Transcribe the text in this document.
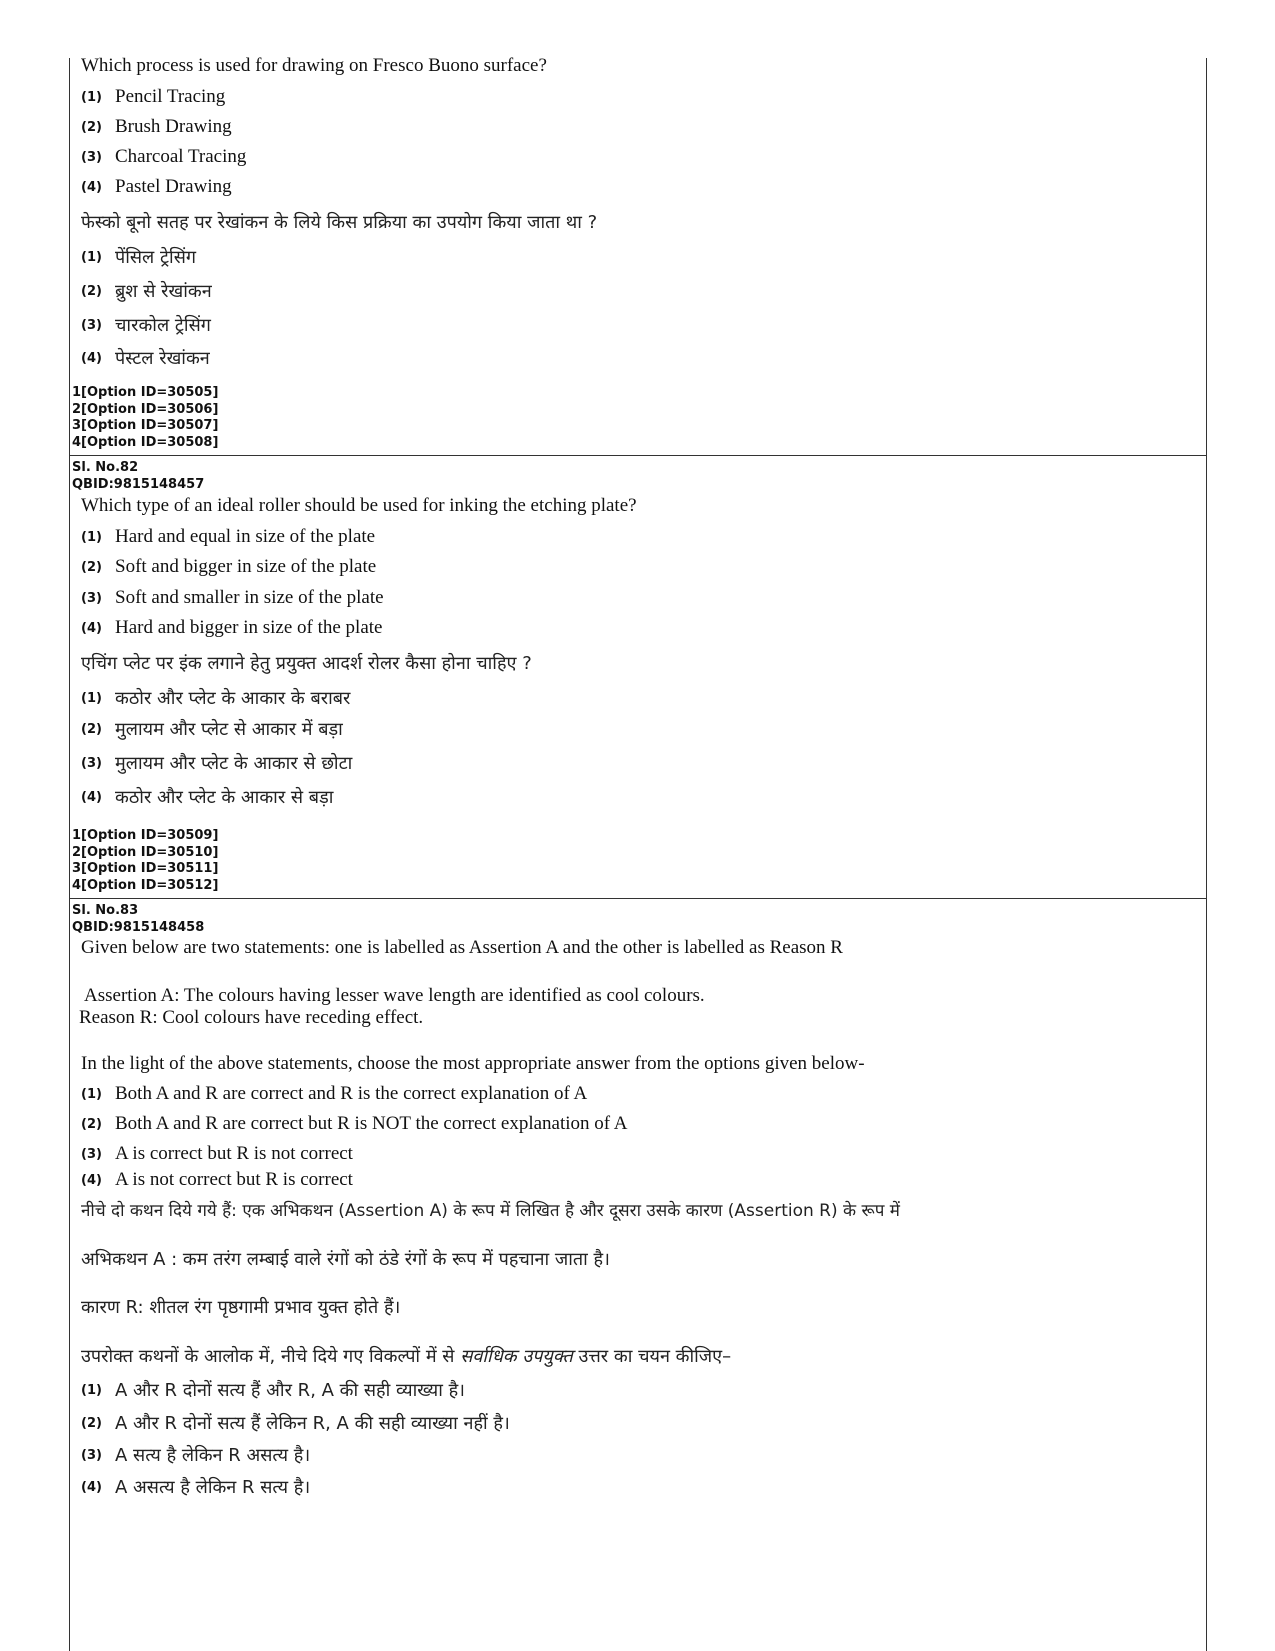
Which process is used for drawing on Fresco Buono surface?
(1) Pencil Tracing
(2) Brush Drawing
(3) Charcoal Tracing
(4) Pastel Drawing
फेस्को बूनो सतह पर रेखांकन के लिये किस प्रक्रिया का उपयोग किया जाता था ?
(1) पेंसिल ट्रेसिंग
(2) ब्रुश से रेखांकन
(3) चारकोल ट्रेसिंग
(4) पेस्टल रेखांकन
1[Option ID=30505]
2[Option ID=30506]
3[Option ID=30507]
4[Option ID=30508]
Sl. No.82
QBID:9815148457
Which type of an ideal roller should be used for inking the etching plate?
(1) Hard and equal in size of the plate
(2) Soft and bigger in size of the plate
(3) Soft and smaller in size of the plate
(4) Hard and bigger in size of the plate
एचिंग प्लेट पर इंक लगाने हेतु प्रयुक्त आदर्श रोलर कैसा होना चाहिए ?
(1) कठोर और प्लेट के आकार के बराबर
(2) मुलायम और प्लेट से आकार में बड़ा
(3) मुलायम और प्लेट के आकार से छोटा
(4) कठोर और प्लेट के आकार से बड़ा
1[Option ID=30509]
2[Option ID=30510]
3[Option ID=30511]
4[Option ID=30512]
Sl. No.83
QBID:9815148458
Given below are two statements: one is labelled as Assertion A and the other is labelled as Reason R
Assertion A: The colours having lesser wave length are identified as cool colours.
Reason R: Cool colours have receding effect.
In the light of the above statements, choose the most appropriate answer from the options given below-
(1) Both A and R are correct and R is the correct explanation of A
(2) Both A and R are correct but R is NOT the correct explanation of A
(3) A is correct but R is not correct
(4) A is not correct but R is correct
नीचे दो कथन दिये गये हैं: एक अभिकथन (Assertion A) के रूप में लिखित है और दूसरा उसके कारण (Assertion R) के रूप में
अभिकथन A : कम तरंग लम्बाई वाले रंगों को ठंडे रंगों के रूप में पहचाना जाता है।
कारण R: शीतल रंग पृष्ठगामी प्रभाव युक्त होते हैं।
उपरोक्त कथनों के आलोक में, नीचे दिये गए विकल्पों में से सर्वाधिक उपयुक्त उत्तर का चयन कीजिए–
(1) A और R दोनों सत्य हैं और R, A की सही व्याख्या है।
(2) A और R दोनों सत्य हैं लेकिन R, A की सही व्याख्या नहीं है।
(3) A सत्य है लेकिन R असत्य है।
(4) A असत्य है लेकिन R सत्य है।
